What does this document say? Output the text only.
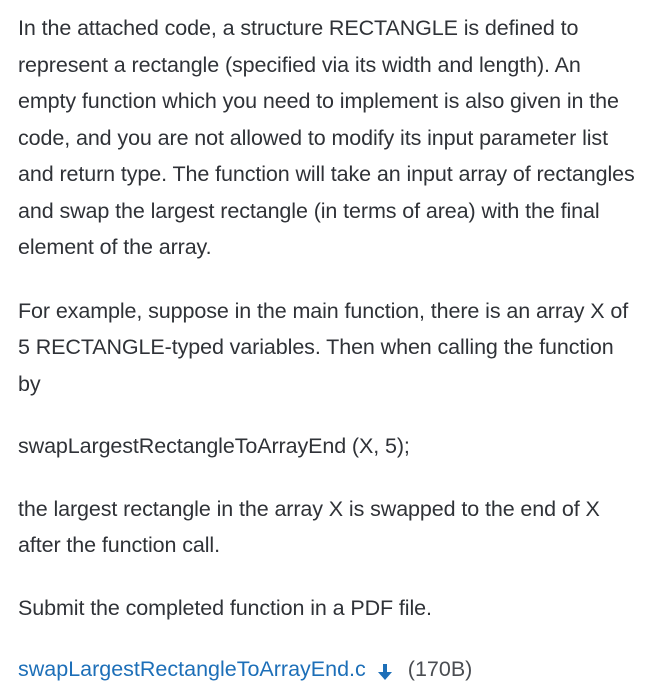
In the attached code, a structure RECTANGLE is defined to represent a rectangle (specified via its width and length). An empty function which you need to implement is also given in the code, and you are not allowed to modify its input parameter list and return type. The function will take an input array of rectangles and swap the largest rectangle (in terms of area) with the final element of the array.

For example, suppose in the main function, there is an array X of 5 RECTANGLE-typed variables. Then when calling the function by

swapLargestRectangleToArrayEnd (X, 5);

the largest rectangle in the array X is swapped to the end of X after the function call.

Submit the completed function in a PDF file.

swapLargestRectangleToArrayEnd.c (170B)
